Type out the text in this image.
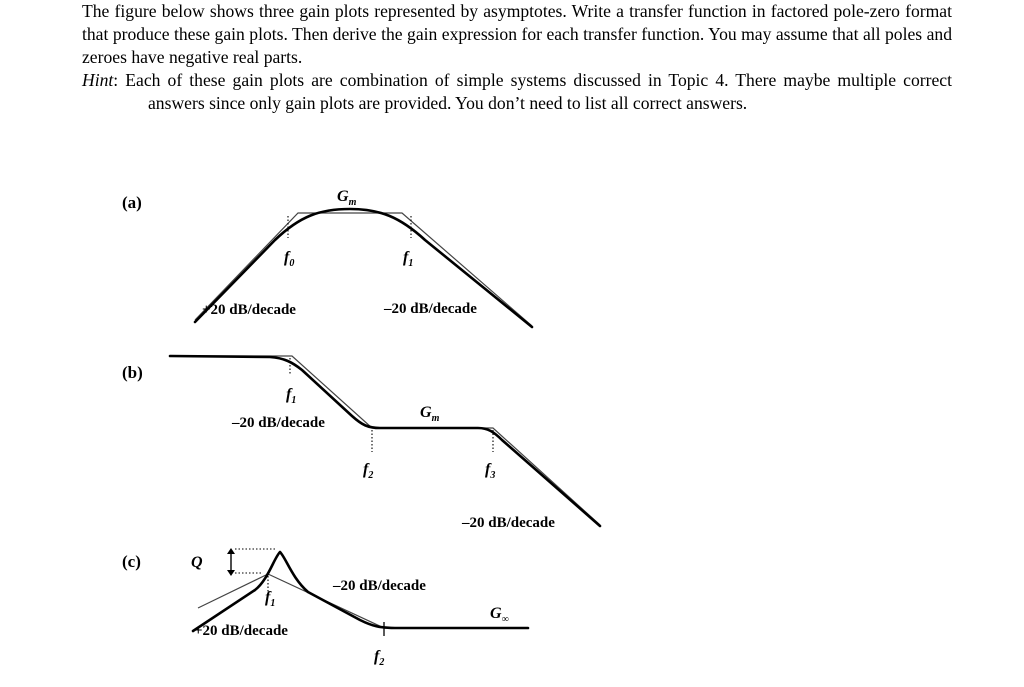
The figure below shows three gain plots represented by asymptotes. Write a transfer function in factored pole-zero format that produce these gain plots. Then derive the gain expression for each transfer function. You may assume that all poles and zeroes have negative real parts.

Hint: Each of these gain plots are combination of simple systems discussed in Topic 4. There maybe multiple correct answers since only gain plots are provided. You don’t need to list all correct answers.

(a)	$G_m$
$f_0$	$f_1$
+20 dB/decade	–20 dB/decade
(b)
$f_1$
–20 dB/decade
$G_m$
$f_2$	$f_3$
–20 dB/decade
(c)	Q
$f_1$
–20 dB/decade
+20 dB/decade
$G_\infty$
$f_2$
